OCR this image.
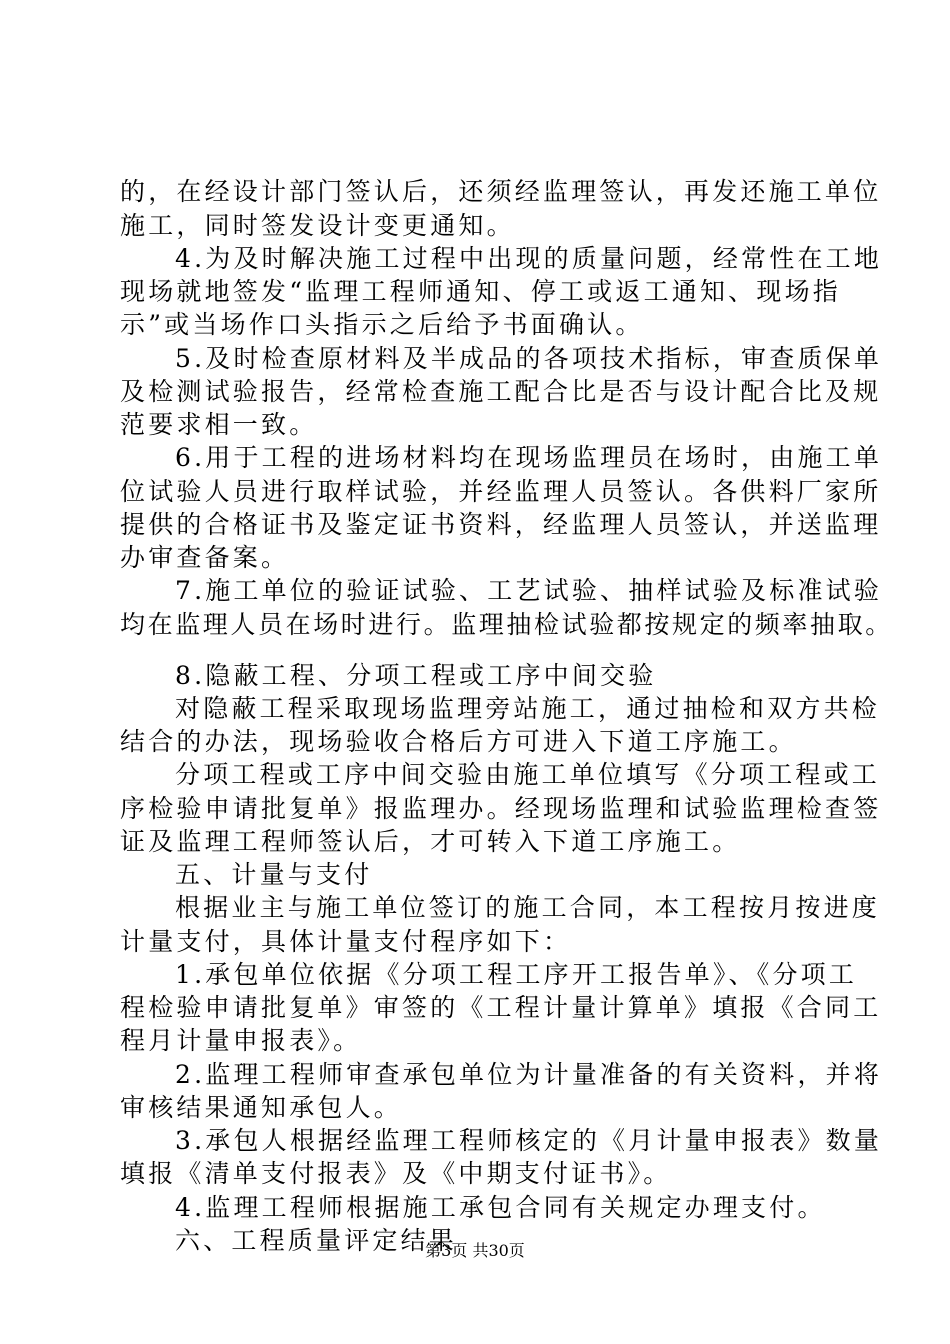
的，在经设计部门签认后，还须经监理签认，再发还施工单位

施工，同时签发设计变更通知。

4.为及时解决施工过程中出现的质量问题，经常性在工地

现场就地签发“监理工程师通知、停工或返工通知、现场指

示”或当场作口头指示之后给予书面确认。

5.及时检查原材料及半成品的各项技术指标，审查质保单

及检测试验报告，经常检查施工配合比是否与设计配合比及规

范要求相一致。

6.用于工程的进场材料均在现场监理员在场时，由施工单

位试验人员进行取样试验，并经监理人员签认。各供料厂家所

提供的合格证书及鉴定证书资料，经监理人员签认，并送监理

办审查备案。

7.施工单位的验证试验、工艺试验、抽样试验及标准试验

均在监理人员在场时进行。监理抽检试验都按规定的频率抽取。

8.隐蔽工程、分项工程或工序中间交验

对隐蔽工程采取现场监理旁站施工，通过抽检和双方共检

结合的办法，现场验收合格后方可进入下道工序施工。

分项工程或工序中间交验由施工单位填写《分项工程或工

序检验申请批复单》报监理办。经现场监理和试验监理检查签

证及监理工程师签认后，才可转入下道工序施工。

五、计量与支付

根据业主与施工单位签订的施工合同，本工程按月按进度

计量支付，具体计量支付程序如下：

1.承包单位依据《分项工程工序开工报告单》、《分项工

程检验申请批复单》审签的《工程计量计算单》填报《合同工

程月计量申报表》。

2.监理工程师审查承包单位为计量准备的有关资料，并将

审核结果通知承包人。

3.承包人根据经监理工程师核定的《月计量申报表》数量

填报《清单支付报表》及《中期支付证书》。

4.监理工程师根据施工承包合同有关规定办理支付。

六、工程质量评定结果

第3页 共30页
